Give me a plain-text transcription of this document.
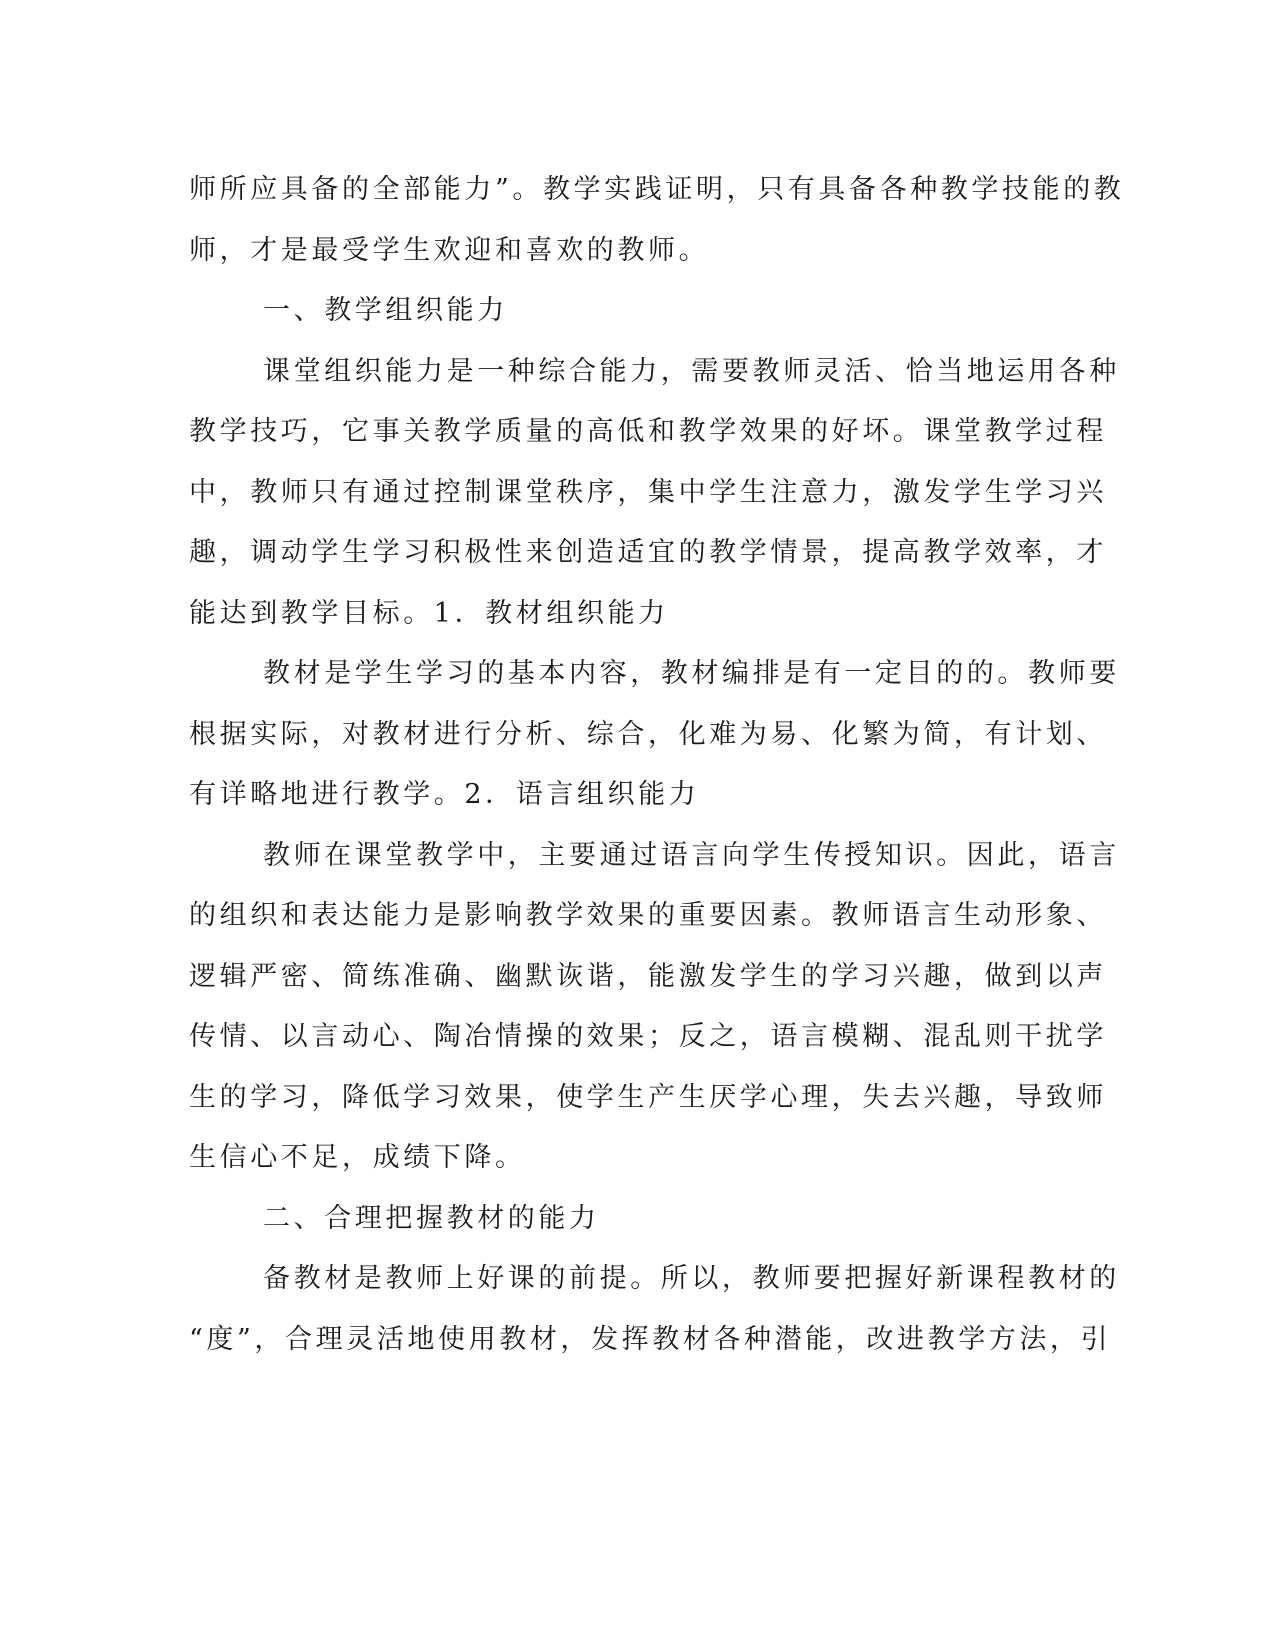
师所应具备的全部能力”。教学实践证明，只有具备各种教学技能的教
师，才是最受学生欢迎和喜欢的教师。
一、教学组织能力
课堂组织能力是一种综合能力，需要教师灵活、恰当地运用各种
教学技巧，它事关教学质量的高低和教学效果的好坏。课堂教学过程
中，教师只有通过控制课堂秩序，集中学生注意力，激发学生学习兴
趣，调动学生学习积极性来创造适宜的教学情景，提高教学效率，才
能达到教学目标。1．教材组织能力
教材是学生学习的基本内容，教材编排是有一定目的的。教师要
根据实际，对教材进行分析、综合，化难为易、化繁为简，有计划、
有详略地进行教学。2．语言组织能力
教师在课堂教学中，主要通过语言向学生传授知识。因此，语言
的组织和表达能力是影响教学效果的重要因素。教师语言生动形象、
逻辑严密、简练准确、幽默诙谐，能激发学生的学习兴趣，做到以声
传情、以言动心、陶冶情操的效果；反之，语言模糊、混乱则干扰学
生的学习，降低学习效果，使学生产生厌学心理，失去兴趣，导致师
生信心不足，成绩下降。
二、合理把握教材的能力
备教材是教师上好课的前提。所以，教师要把握好新课程教材的
“度”，合理灵活地使用教材，发挥教材各种潜能，改进教学方法，引
